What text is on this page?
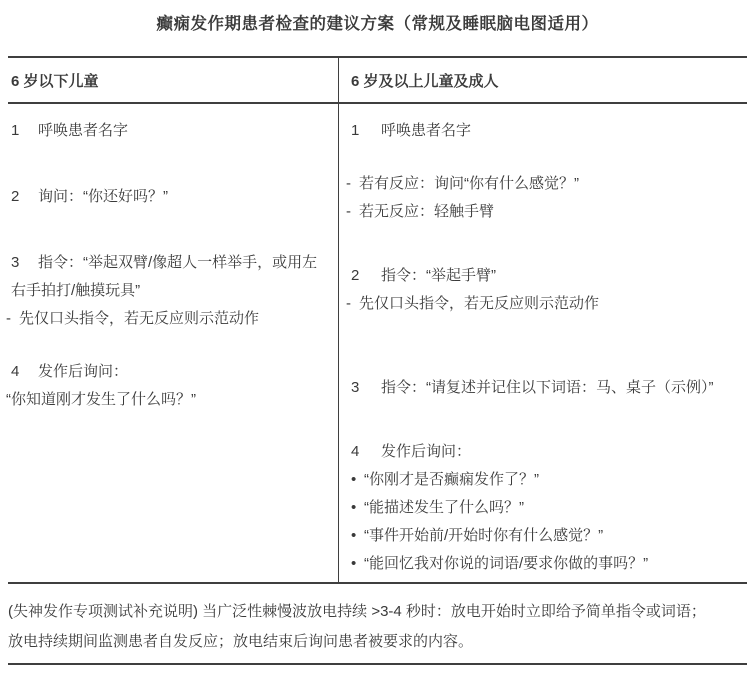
癫痫发作期患者检查的建议方案（常规及睡眠脑电图适用）
6 岁以下儿童	6 岁及以上儿童及成人
1 呼唤患者名字
2 询问：“你还好吗？”
3 指令：“举起双臂/像超人一样举手，或用左右手拍打/触摸玩具”
- 先仅口头指令，若无反应则示范动作
4 发作后询问：
“你知道刚才发生了什么吗？”
1 呼唤患者名字
- 若有反应：询问“你有什么感觉？”
- 若无反应：轻触手臂
2 指令：“举起手臂”
- 先仅口头指令，若无反应则示范动作
3 指令：“请复述并记住以下词语：马、桌子（示例）”
4 发作后询问：
• “你刚才是否癫痫发作了？”
• “能描述发生了什么吗？”
• “事件开始前/开始时你有什么感觉？”
• “能回忆我对你说的词语/要求你做的事吗？”
(失神发作专项测试补充说明) 当广泛性棘慢波放电持续 >3-4 秒时：放电开始时立即给予简单指令或词语；
放电持续期间监测患者自发反应；放电结束后询问患者被要求的内容。
